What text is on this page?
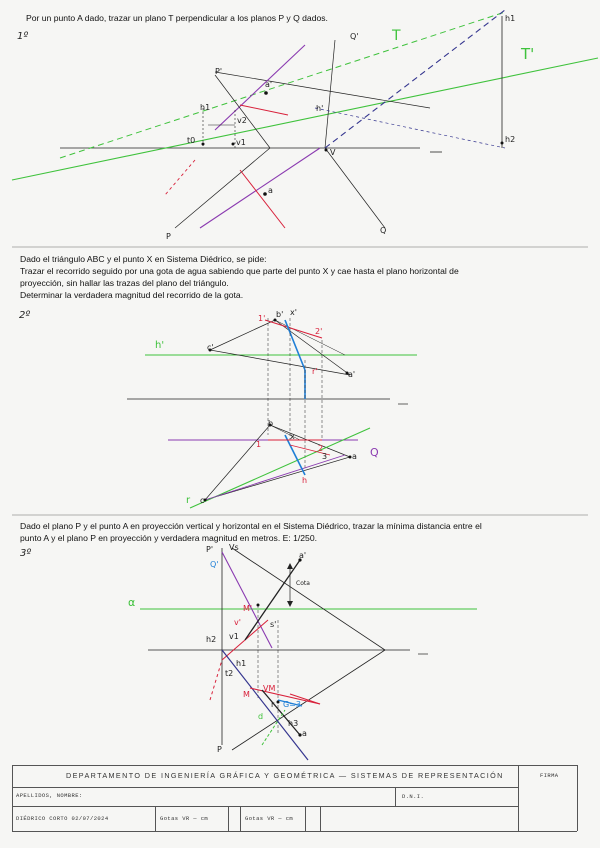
Por un punto A dado, trazar un plano T perpendicular a los planos P y Q dados.
1º	T
T'
Q'
P'
a'
a
P
Q
h1	h'
t0	v1
v2
V
h1
h2
Dado el triángulo ABC y el punto X en Sistema Diédrico, se pide:
Trazar el recorrido seguido por una gota de agua sabiendo que parte del punto X y cae hasta el plano horizontal de
proyección, sin hallar las trazas del plano del triángulo.
Determinar la verdadera magnitud del recorrido de la gota.
2º	b' x'
1'
2'
c'
a'
r'
h'
b
x
1	2
a
c
r
Q
3
h
Dado el plano P y el punto A en proyección vertical y horizontal en el Sistema Diédrico, trazar la mínima distancia entre el
punto A y el plano P en proyección y verdadera magnitud en metros. E: 1/250.
3º	P' Vs
Q'
a'
Cota
α	M'
v'	s'
v1
h2
h1
t2
VM
M
r G=3
h3
a
P
d
DEPARTAMENTO DE INGENIERÍA GRÁFICA Y GEOMÉTRICA — SISTEMAS DE REPRESENTACIÓN	FIRMA
APELLIDOS, NOMBRE:	D.N.I.
DIÉDRICO CORTO 02/07/2024	Gotas VR — cm	Gotas VR — cm
